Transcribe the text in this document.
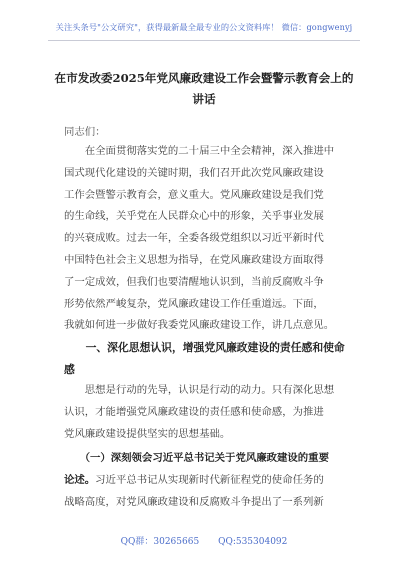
关注头条号"公文研究"，获得最新最全最专业的公文资料库！ 微信：gongwenyj
在市发改委2025年党风廉政建设工作会暨警示教育会上的
讲话
同志们：
　　在全面贯彻落实党的二十届三中全会精神，深入推进中
国式现代化建设的关键时期，我们召开此次党风廉政建设
工作会暨警示教育会，意义重大。党风廉政建设是我们党
的生命线，关乎党在人民群众心中的形象，关乎事业发展
的兴衰成败。过去一年，全委各级党组织以习近平新时代
中国特色社会主义思想为指导，在党风廉政建设方面取得
了一定成效，但我们也要清醒地认识到，当前反腐败斗争
形势依然严峻复杂，党风廉政建设工作任重道远。下面，
我就如何进一步做好我委党风廉政建设工作，讲几点意见。
　　一、深化思想认识，增强党风廉政建设的责任感和使命
感
　　思想是行动的先导，认识是行动的动力。只有深化思想
认识，才能增强党风廉政建设的责任感和使命感，为推进
党风廉政建设提供坚实的思想基础。
　　（一）深刻领会习近平总书记关于党风廉政建设的重要
论述。习近平总书记从实现新时代新征程党的使命任务的
战略高度，对党风廉政建设和反腐败斗争提出了一系列新
QQ群：30265665 QQ:535304092
